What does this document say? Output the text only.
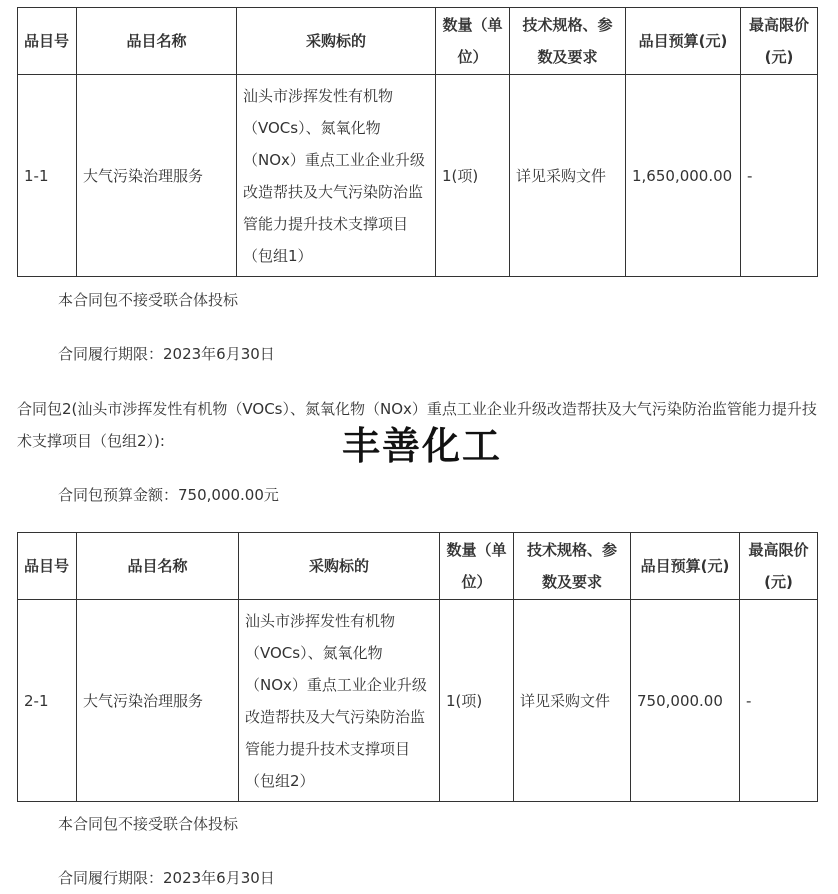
品目号	品目名称	采购标的	数量（单位）	技术规格、参数及要求	品目预算(元)	最高限价(元)
1-1	大气污染治理服务	汕头市涉挥发性有机物（VOCs）、氮氧化物（NOx）重点工业企业升级改造帮扶及大气污染防治监管能力提升技术支撑项目（包组1）	1(项)	详见采购文件	1,650,000.00	-

本合同包不接受联合体投标

合同履行期限：2023年6月30日

合同包2(汕头市涉挥发性有机物（VOCs）、氮氧化物（NOx）重点工业企业升级改造帮扶及大气污染防治监管能力提升技术支撑项目（包组2）):	丰善化工

合同包预算金额：750,000.00元

品目号	品目名称	采购标的	数量（单位）	技术规格、参数及要求	品目预算(元)	最高限价(元)
2-1	大气污染治理服务	汕头市涉挥发性有机物（VOCs）、氮氧化物（NOx）重点工业企业升级改造帮扶及大气污染防治监管能力提升技术支撑项目（包组2）	1(项)	详见采购文件	750,000.00	-

本合同包不接受联合体投标

合同履行期限：2023年6月30日
